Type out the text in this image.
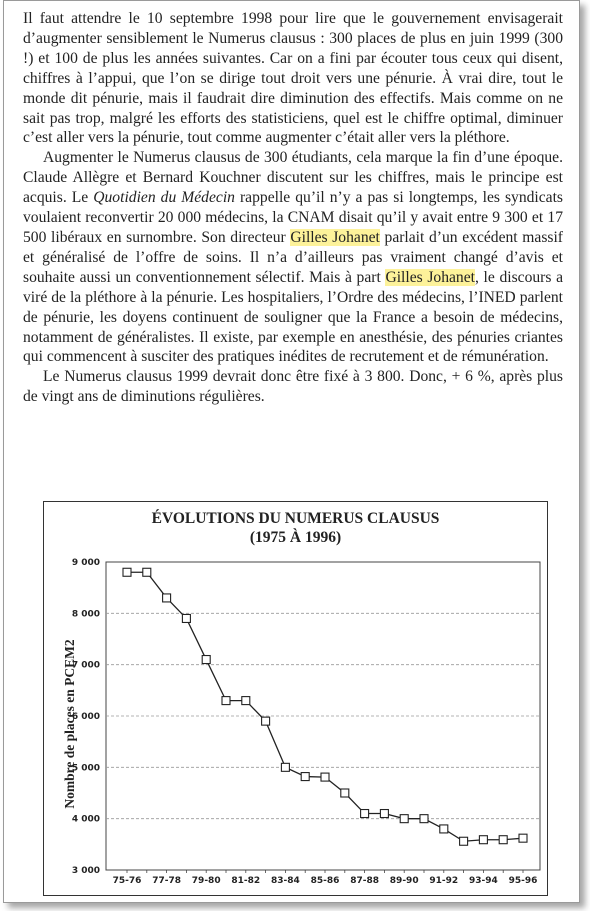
Il faut attendre le 10 septembre 1998 pour lire que le gouvernement envisagerait d’augmenter sensiblement le Numerus clausus : 300 places de plus en juin 1999 (300 !) et 100 de plus les années suivantes. Car on a fini par écouter tous ceux qui disent, chiffres à l’appui, que l’on se dirige tout droit vers une pénurie. À vrai dire, tout le monde dit pénurie, mais il faudrait dire diminution des effectifs. Mais comme on ne sait pas trop, malgré les efforts des statisticiens, quel est le chiffre optimal, diminuer c’est aller vers la pénurie, tout comme augmenter c’était aller vers la pléthore.

Augmenter le Numerus clausus de 300 étudiants, cela marque la fin d’une époque. Claude Allègre et Bernard Kouchner discutent sur les chiffres, mais le principe est acquis. Le Quotidien du Médecin rappelle qu’il n’y a pas si longtemps, les syndicats voulaient reconvertir 20 000 médecins, la CNAM disait qu’il y avait entre 9 300 et 17 500 libéraux en surnombre. Son directeur Gilles Johanet parlait d’un excédent massif et généralisé de l’offre de soins. Il n’a d’ailleurs pas vraiment changé d’avis et souhaite aussi un conventionnement sélectif. Mais à part Gilles Johanet, le discours a viré de la pléthore à la pénurie. Les hospitaliers, l’Ordre des médecins, l’INED parlent de pénurie, les doyens continuent de souligner que la France a besoin de médecins, notamment de généralistes. Il existe, par exemple en anesthésie, des pénuries criantes qui commencent à susciter des pratiques inédites de recrutement et de rémunération.

Le Numerus clausus 1999 devrait donc être fixé à 3 800. Donc, + 6 %, après plus de vingt ans de diminutions régulières.

ÉVOLUTIONS DU NUMERUS CLAUSUS
(1975 À 1996)
3 000
4 000
5 000
6 000
7 000
8 000
9 000
75-76 77-78 79-80 81-82 83-84 85-86 87-88 89-90 91-92 93-94 95-96
Nombre de places en PCEM2
